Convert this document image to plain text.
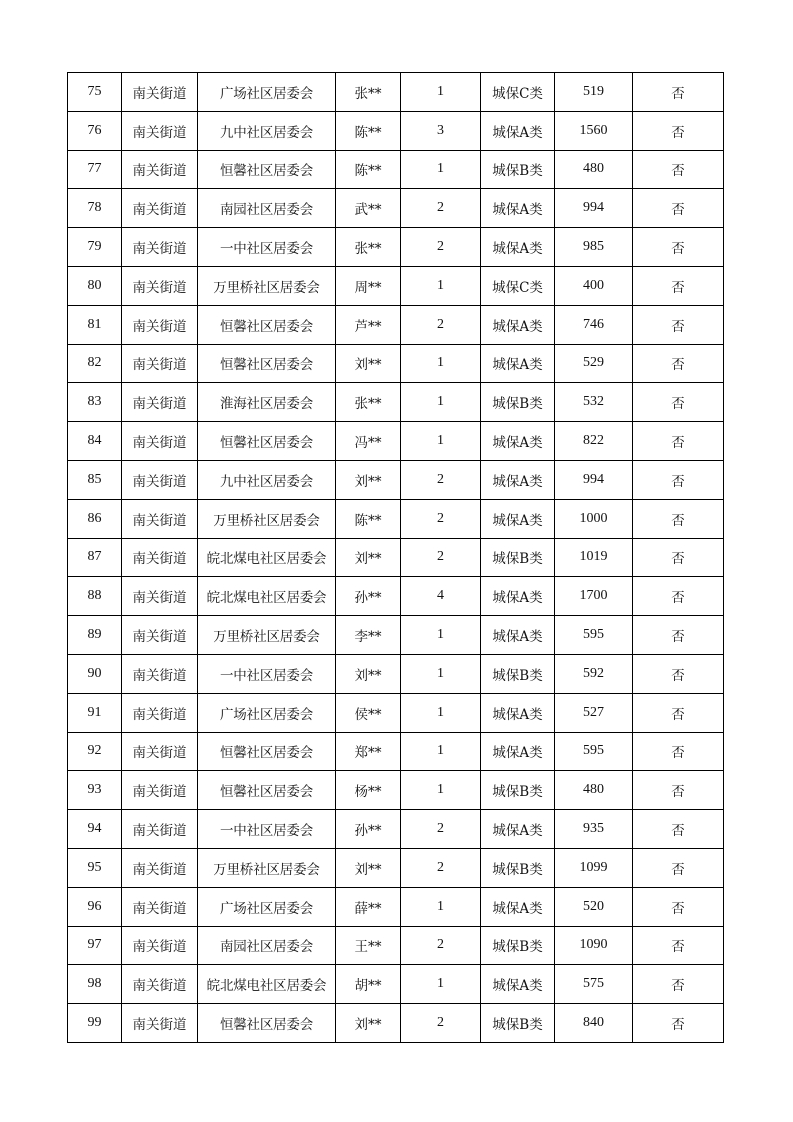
75	南关街道	广场社区居委会	张**	1	城保C类	519	否
76	南关街道	九中社区居委会	陈**	3	城保A类	1560	否
77	南关街道	恒馨社区居委会	陈**	1	城保B类	480	否
78	南关街道	南园社区居委会	武**	2	城保A类	994	否
79	南关街道	一中社区居委会	张**	2	城保A类	985	否
80	南关街道	万里桥社区居委会	周**	1	城保C类	400	否
81	南关街道	恒馨社区居委会	芦**	2	城保A类	746	否
82	南关街道	恒馨社区居委会	刘**	1	城保A类	529	否
83	南关街道	淮海社区居委会	张**	1	城保B类	532	否
84	南关街道	恒馨社区居委会	冯**	1	城保A类	822	否
85	南关街道	九中社区居委会	刘**	2	城保A类	994	否
86	南关街道	万里桥社区居委会	陈**	2	城保A类	1000	否
87	南关街道	皖北煤电社区居委会	刘**	2	城保B类	1019	否
88	南关街道	皖北煤电社区居委会	孙**	4	城保A类	1700	否
89	南关街道	万里桥社区居委会	李**	1	城保A类	595	否
90	南关街道	一中社区居委会	刘**	1	城保B类	592	否
91	南关街道	广场社区居委会	侯**	1	城保A类	527	否
92	南关街道	恒馨社区居委会	郑**	1	城保A类	595	否
93	南关街道	恒馨社区居委会	杨**	1	城保B类	480	否
94	南关街道	一中社区居委会	孙**	2	城保A类	935	否
95	南关街道	万里桥社区居委会	刘**	2	城保B类	1099	否
96	南关街道	广场社区居委会	薛**	1	城保A类	520	否
97	南关街道	南园社区居委会	王**	2	城保B类	1090	否
98	南关街道	皖北煤电社区居委会	胡**	1	城保A类	575	否
99	南关街道	恒馨社区居委会	刘**	2	城保B类	840	否
